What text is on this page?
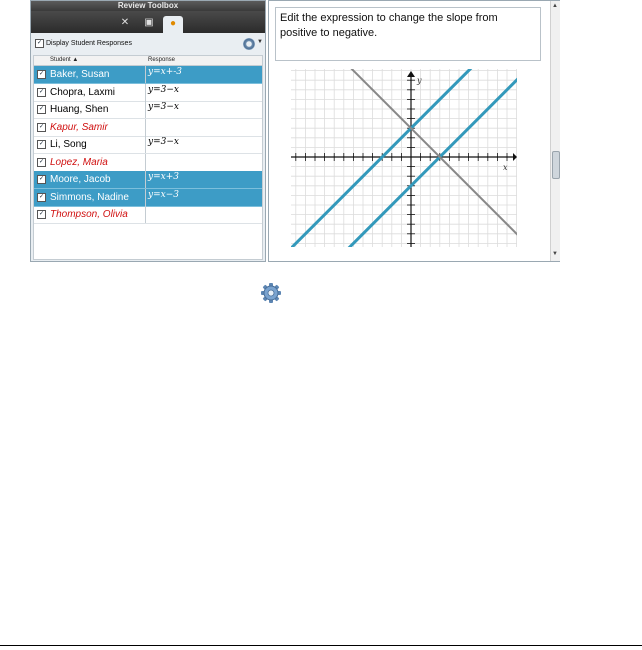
Review Toolbox
✕	▣	●
✓ Display Student Responses	▼
Student ▲	Response
✓ Baker, Susan	y=x+-3
✓ Chopra, Laxmi	y=3−x
✓ Huang, Shen	y=3−x
✓ Kapur, Samir
✓ Li, Song	y=3−x
✓ Lopez, Maria
✓ Moore, Jacob	y=x+3
✓ Simmons, Nadine	y=x−3
✓ Thompson, Olivia
Edit the expression to change the slope from positive to negative.
x
y
▲
▼
